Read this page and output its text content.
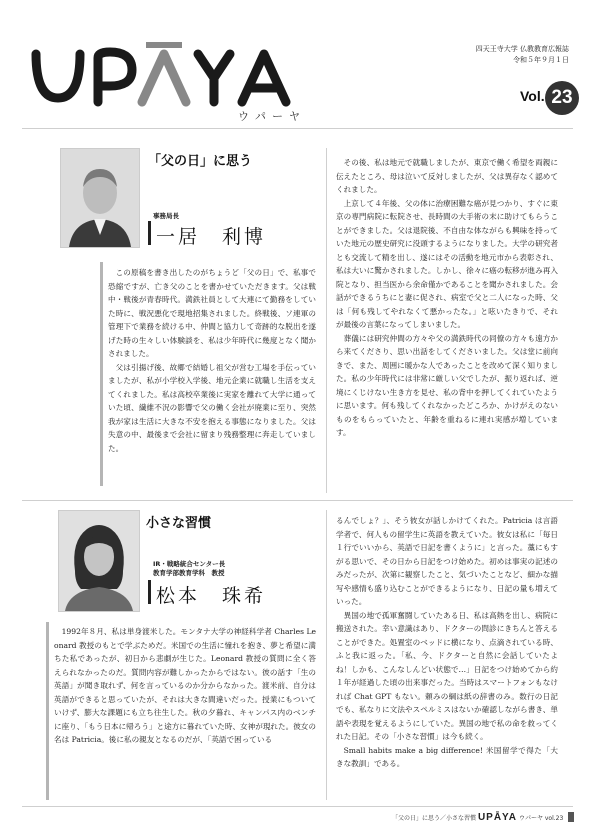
ウパーヤ
四天王寺大学 仏教教育広報誌
令和５年９月１日
Vol. 23
「父の日」に思う
事務局長
一居　利博

この原稿を書き出したのがちょうど「父の日」で、私事で恐縮ですが、亡き父のことを書かせていただきます。父は戦中・戦後が青春時代。満鉄社員として大連にて勤務をしていた時に、戦況悪化で現地招集されました。終戦後、ソ連軍の管理下で業務を続ける中、仲間と協力して奇跡的な脱出を遂げた時の生々しい体験談を、私は少年時代に幾度となく聞かされました。

父は引揚げ後、故郷で結婚し祖父が営む工場を手伝っていましたが、私が小学校入学後、地元企業に就職し生活を支えてくれました。私は高校卒業後に実家を離れて大学に通っていた頃、繊維不況の影響で父の働く会社が廃業に至り、突然我が家は生活に大きな不安を抱える事態になりました。父は失意の中、最後まで会社に留まり残務整理に奔走していました。

その後、私は地元で就職しましたが、東京で働く希望を両親に伝えたところ、母は泣いて反対しましたが、父は異存なく認めてくれました。

上京して４年後、父の体に治療困難な癌が見つかり、すぐに東京の専門病院に転院させ、長時間の大手術の末に助けてもらうことができました。父は退院後、不自由な体ながらも興味を持っていた地元の歴史研究に没頭するようになりました。大学の研究者とも交流して精を出し、遂にはその活動を地元市から表彰され、私は大いに驚かされました。しかし、徐々に癌の転移が進み再入院となり、担当医から余命僅かであることを聞かされました。会話ができるうちにと妻に促され、病室で父と二人になった時、父は「何も残してやれなくて悪かったな。」と呟いたきりで、それが最後の言葉になってしまいました。

葬儀には研究仲間の方々や父の満鉄時代の同僚の方々も遠方から来てくださり、思い出話をしてくださいました。父は堂に前向きで、また、周囲に暖かな人であったことを改めて深く知りました。私の少年時代には非常に厳しい父でしたが、振り返れば、逆境にくじけない生き方を見せ、私の背中を押してくれていたように思います。何も残してくれなかったどころか、かけがえのないものをもらっていたと、年齢を重ねるに連れ実感が増しています。

小さな習慣
IR・戦略統合センター長
教育学部教育学科　教授
松本　珠希

1992年８月、私は単身渡米した。モンタナ大学の神経科学者 Charles Leonard 教授のもとで学ぶためだ。米国での生活に憧れを抱き、夢と希望に満ちた私であったが、初日から悲劇が生じた。Leonard 教授の質問に全く答えられなかったのだ。質問内容が難しかったからではない。彼の話す「生の英語」が聞き取れず、何を言っているのか分からなかった。渡米前、自分は英語ができると思っていたが、それは大きな間違いだった。授業にもついていけず、膨大な課題にも立ち往生した。秋の夕暮れ、キャンパス内のベンチに座り、「もう日本に帰ろう」と途方に暮れていた時、女神が現れた。彼女の名は Patricia。後に私の親友となるのだが、「英語で困っている

るんでしょ？」、そう彼女が話しかけてくれた。Patricia は言語学者で、何人もの留学生に英語を教えていた。彼女は私に「毎日１行でいいから、英語で日記を書くように」と言った。藁にもすがる思いで、その日から日記をつけ始めた。初めは事実の記述のみだったが、次第に観察したこと、気づいたことなど、細かな描写や感情も盛り込むことができるようになり、日記の量も増えていった。

異国の地で孤軍奮闘していたある日、私は高熱を出し、病院に搬送された。幸い意識はあり、ドクターの問診にきちんと答えることができた。処置室のベッドに横になり、点滴されている時、ふと我に返った。「私、今、ドクターと自然に会話していたよね！しかも、こんなしんどい状態で…」日記をつけ始めてから約１年が経過した頃の出来事だった。当時はスマートフォンもなければ Chat GPT もない。頼みの綱は紙の辞書のみ。数行の日記でも、私なりに文法やスペルミスはないか確認しながら書き、単語や表現を覚えるようにしていた。異国の地で私の命を救ってくれた日記。その「小さな習慣」は今も続く。

Small habits make a big difference! 米国留学で得た「大きな教訓」である。

「父の日」に思う／小さな習慣 UPĀYA ウパーヤ vol.23
